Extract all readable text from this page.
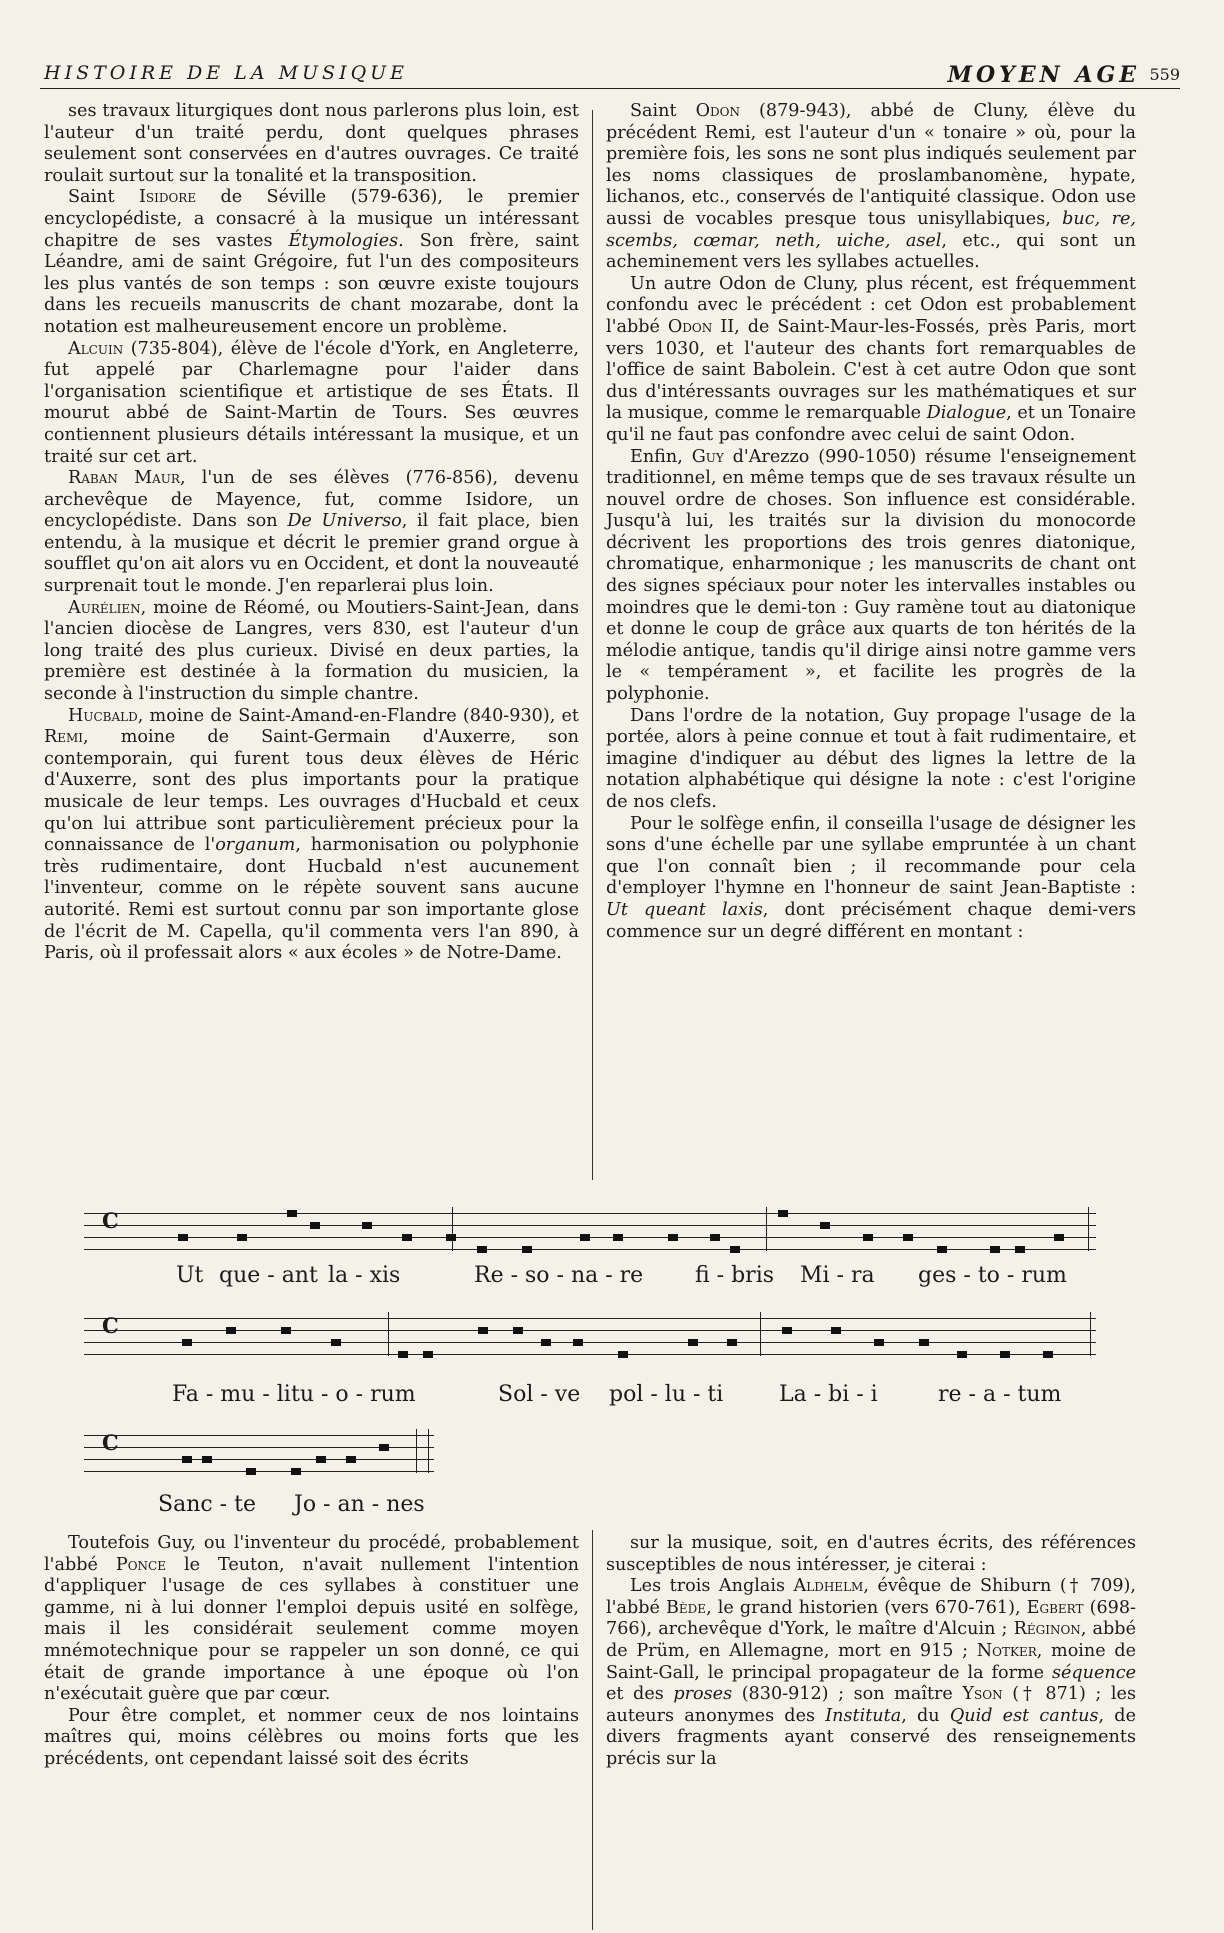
HISTOIRE DE LA MUSIQUE	MOYEN AGE 559

ses travaux liturgiques dont nous parlerons plus loin, est l'auteur d'un traité perdu, dont quelques phrases seulement sont conservées en d'autres ouvrages. Ce traité roulait surtout sur la tonalité et la transposition.

Saint Isidore de Séville (579-636), le premier encyclopédiste, a consacré à la musique un intéressant chapitre de ses vastes Étymologies. Son frère, saint Léandre, ami de saint Grégoire, fut l'un des compositeurs les plus vantés de son temps : son œuvre existe toujours dans les recueils manuscrits de chant mozarabe, dont la notation est malheureusement encore un problème.

Alcuin (735-804), élève de l'école d'York, en Angleterre, fut appelé par Charlemagne pour l'aider dans l'organisation scientifique et artistique de ses États. Il mourut abbé de Saint-Martin de Tours. Ses œuvres contiennent plusieurs détails intéressant la musique, et un traité sur cet art.

Raban Maur, l'un de ses élèves (776-856), devenu archevêque de Mayence, fut, comme Isidore, un encyclopédiste. Dans son De Universo, il fait place, bien entendu, à la musique et décrit le premier grand orgue à soufflet qu'on ait alors vu en Occident, et dont la nouveauté surprenait tout le monde. J'en reparlerai plus loin.

Aurélien, moine de Réomé, ou Moutiers-Saint-Jean, dans l'ancien diocèse de Langres, vers 830, est l'auteur d'un long traité des plus curieux. Divisé en deux parties, la première est destinée à la formation du musicien, la seconde à l'instruction du simple chantre.

Hucbald, moine de Saint-Amand-en-Flandre (840-930), et Remi, moine de Saint-Germain d'Auxerre, son contemporain, qui furent tous deux élèves de Héric d'Auxerre, sont des plus importants pour la pratique musicale de leur temps. Les ouvrages d'Hucbald et ceux qu'on lui attribue sont particulièrement précieux pour la connaissance de l'organum, harmonisation ou polyphonie très rudimentaire, dont Hucbald n'est aucunement l'inventeur, comme on le répète souvent sans aucune autorité. Remi est surtout connu par son importante glose de l'écrit de M. Capella, qu'il commenta vers l'an 890, à Paris, où il professait alors « aux écoles » de Notre-Dame.

Saint Odon (879-943), abbé de Cluny, élève du précédent Remi, est l'auteur d'un « tonaire » où, pour la première fois, les sons ne sont plus indiqués seulement par les noms classiques de proslambanomène, hypate, lichanos, etc., conservés de l'antiquité classique. Odon use aussi de vocables presque tous unisyllabiques, buc, re, scembs, cœmar, neth, uiche, asel, etc., qui sont un acheminement vers les syllabes actuelles.

Un autre Odon de Cluny, plus récent, est fréquemment confondu avec le précédent : cet Odon est probablement l'abbé Odon II, de Saint-Maur-les-Fossés, près Paris, mort vers 1030, et l'auteur des chants fort remarquables de l'office de saint Babolein. C'est à cet autre Odon que sont dus d'intéressants ouvrages sur les mathématiques et sur la musique, comme le remarquable Dialogue, et un Tonaire qu'il ne faut pas confondre avec celui de saint Odon.

Enfin, Guy d'Arezzo (990-1050) résume l'enseignement traditionnel, en même temps que de ses travaux résulte un nouvel ordre de choses. Son influence est considérable. Jusqu'à lui, les traités sur la division du monocorde décrivent les proportions des trois genres diatonique, chromatique, enharmonique ; les manuscrits de chant ont des signes spéciaux pour noter les intervalles instables ou moindres que le demi-ton : Guy ramène tout au diatonique et donne le coup de grâce aux quarts de ton hérités de la mélodie antique, tandis qu'il dirige ainsi notre gamme vers le « tempérament », et facilite les progrès de la polyphonie.

Dans l'ordre de la notation, Guy propage l'usage de la portée, alors à peine connue et tout à fait rudimentaire, et imagine d'indiquer au début des lignes la lettre de la notation alphabétique qui désigne la note : c'est l'origine de nos clefs.

Pour le solfège enfin, il conseilla l'usage de désigner les sons d'une échelle par une syllabe empruntée à un chant que l'on connaît bien ; il recommande pour cela d'employer l'hymne en l'honneur de saint Jean-Baptiste : Ut queant laxis, dont précisément chaque demi-vers commence sur un degré différent en montant :

C
Ut que - ant la - xis	Re - so - na - re fi - bris Mi - ra ges - to - rum
C
Fa - mu - li tu - o - rum	Sol - ve pol - lu - ti	La - bi - i	re - a - tum
C
Sanc - te Jo - an - nes

Toutefois Guy, ou l'inventeur du procédé, probablement l'abbé Ponce le Teuton, n'avait nullement l'intention d'appliquer l'usage de ces syllabes à constituer une gamme, ni à lui donner l'emploi depuis usité en solfège, mais il les considérait seulement comme moyen mnémotechnique pour se rappeler un son donné, ce qui était de grande importance à une époque où l'on n'exécutait guère que par cœur.

Pour être complet, et nommer ceux de nos lointains maîtres qui, moins célèbres ou moins forts que les précédents, ont cependant laissé soit des écrits

sur la musique, soit, en d'autres écrits, des références susceptibles de nous intéresser, je citerai :

Les trois Anglais Aldhelm, évêque de Shiburn († 709), l'abbé Bède, le grand historien (vers 670-761), Egbert (698-766), archevêque d'York, le maître d'Alcuin ; Réginon, abbé de Prüm, en Allemagne, mort en 915 ; Notker, moine de Saint-Gall, le principal propagateur de la forme séquence et des proses (830-912) ; son maître Yson († 871) ; les auteurs anonymes des Instituta, du Quid est cantus, de divers fragments ayant conservé des renseignements précis sur la
